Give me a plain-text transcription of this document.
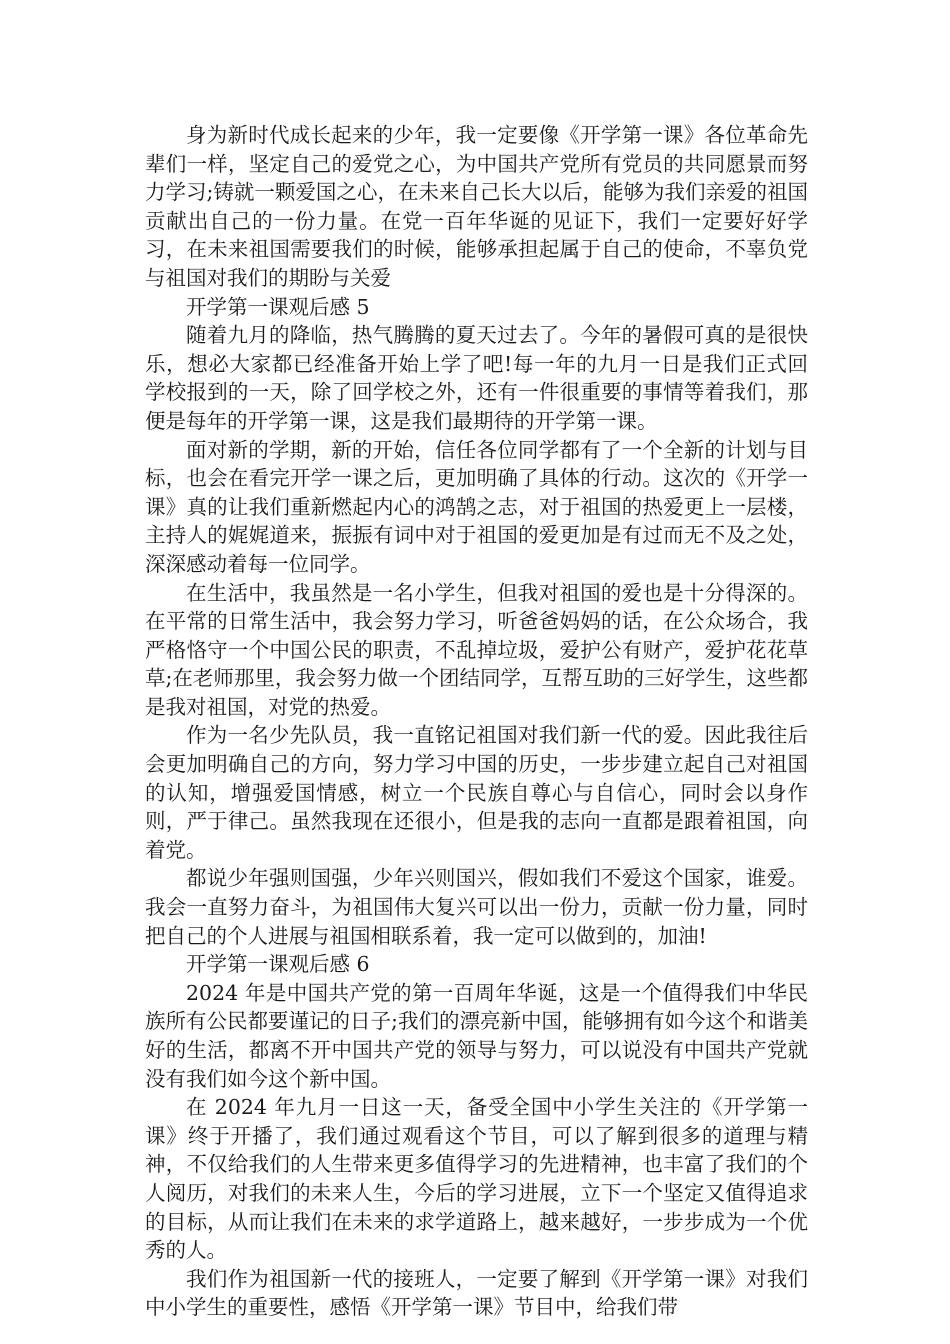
身为新时代成长起来的少年，我一定要像《开学第一课》各位革命先辈们一样，坚定自己的爱党之心，为中国共产党所有党员的共同愿景而努力学习;铸就一颗爱国之心，在未来自己长大以后，能够为我们亲爱的祖国贡献出自己的一份力量。在党一百年华诞的见证下，我们一定要好好学习，在未来祖国需要我们的时候，能够承担起属于自己的使命，不辜负党与祖国对我们的期盼与关爱

开学第一课观后感 5

随着九月的降临，热气腾腾的夏天过去了。今年的暑假可真的是很快乐，想必大家都已经准备开始上学了吧!每一年的九月一日是我们正式回学校报到的一天，除了回学校之外，还有一件很重要的事情等着我们，那便是每年的开学第一课，这是我们最期待的开学第一课。

面对新的学期，新的开始，信任各位同学都有了一个全新的计划与目标，也会在看完开学一课之后，更加明确了具体的行动。这次的《开学一课》真的让我们重新燃起内心的鸿鹄之志，对于祖国的热爱更上一层楼，主持人的娓娓道来，振振有词中对于祖国的爱更加是有过而无不及之处，深深感动着每一位同学。

在生活中，我虽然是一名小学生，但我对祖国的爱也是十分得深的。在平常的日常生活中，我会努力学习，听爸爸妈妈的话，在公众场合，我严格恪守一个中国公民的职责，不乱掉垃圾，爱护公有财产，爱护花花草草;在老师那里，我会努力做一个团结同学，互帮互助的三好学生，这些都是我对祖国，对党的热爱。

作为一名少先队员，我一直铭记祖国对我们新一代的爱。因此我往后会更加明确自己的方向，努力学习中国的历史，一步步建立起自己对祖国的认知，增强爱国情感，树立一个民族自尊心与自信心，同时会以身作则，严于律己。虽然我现在还很小，但是我的志向一直都是跟着祖国，向着党。

都说少年强则国强，少年兴则国兴，假如我们不爱这个国家，谁爱。我会一直努力奋斗，为祖国伟大复兴可以出一份力，贡献一份力量，同时把自己的个人进展与祖国相联系着，我一定可以做到的，加油!

开学第一课观后感 6

2024 年是中国共产党的第一百周年华诞，这是一个值得我们中华民族所有公民都要谨记的日子;我们的漂亮新中国，能够拥有如今这个和谐美好的生活，都离不开中国共产党的领导与努力，可以说没有中国共产党就没有我们如今这个新中国。

在 2024 年九月一日这一天，备受全国中小学生关注的《开学第一课》终于开播了，我们通过观看这个节目，可以了解到很多的道理与精神，不仅给我们的人生带来更多值得学习的先进精神，也丰富了我们的个人阅历，对我们的未来人生，今后的学习进展，立下一个坚定又值得追求的目标，从而让我们在未来的求学道路上，越来越好，一步步成为一个优秀的人。

我们作为祖国新一代的接班人，一定要了解到《开学第一课》对我们中小学生的重要性，感悟《开学第一课》节目中，给我们带
